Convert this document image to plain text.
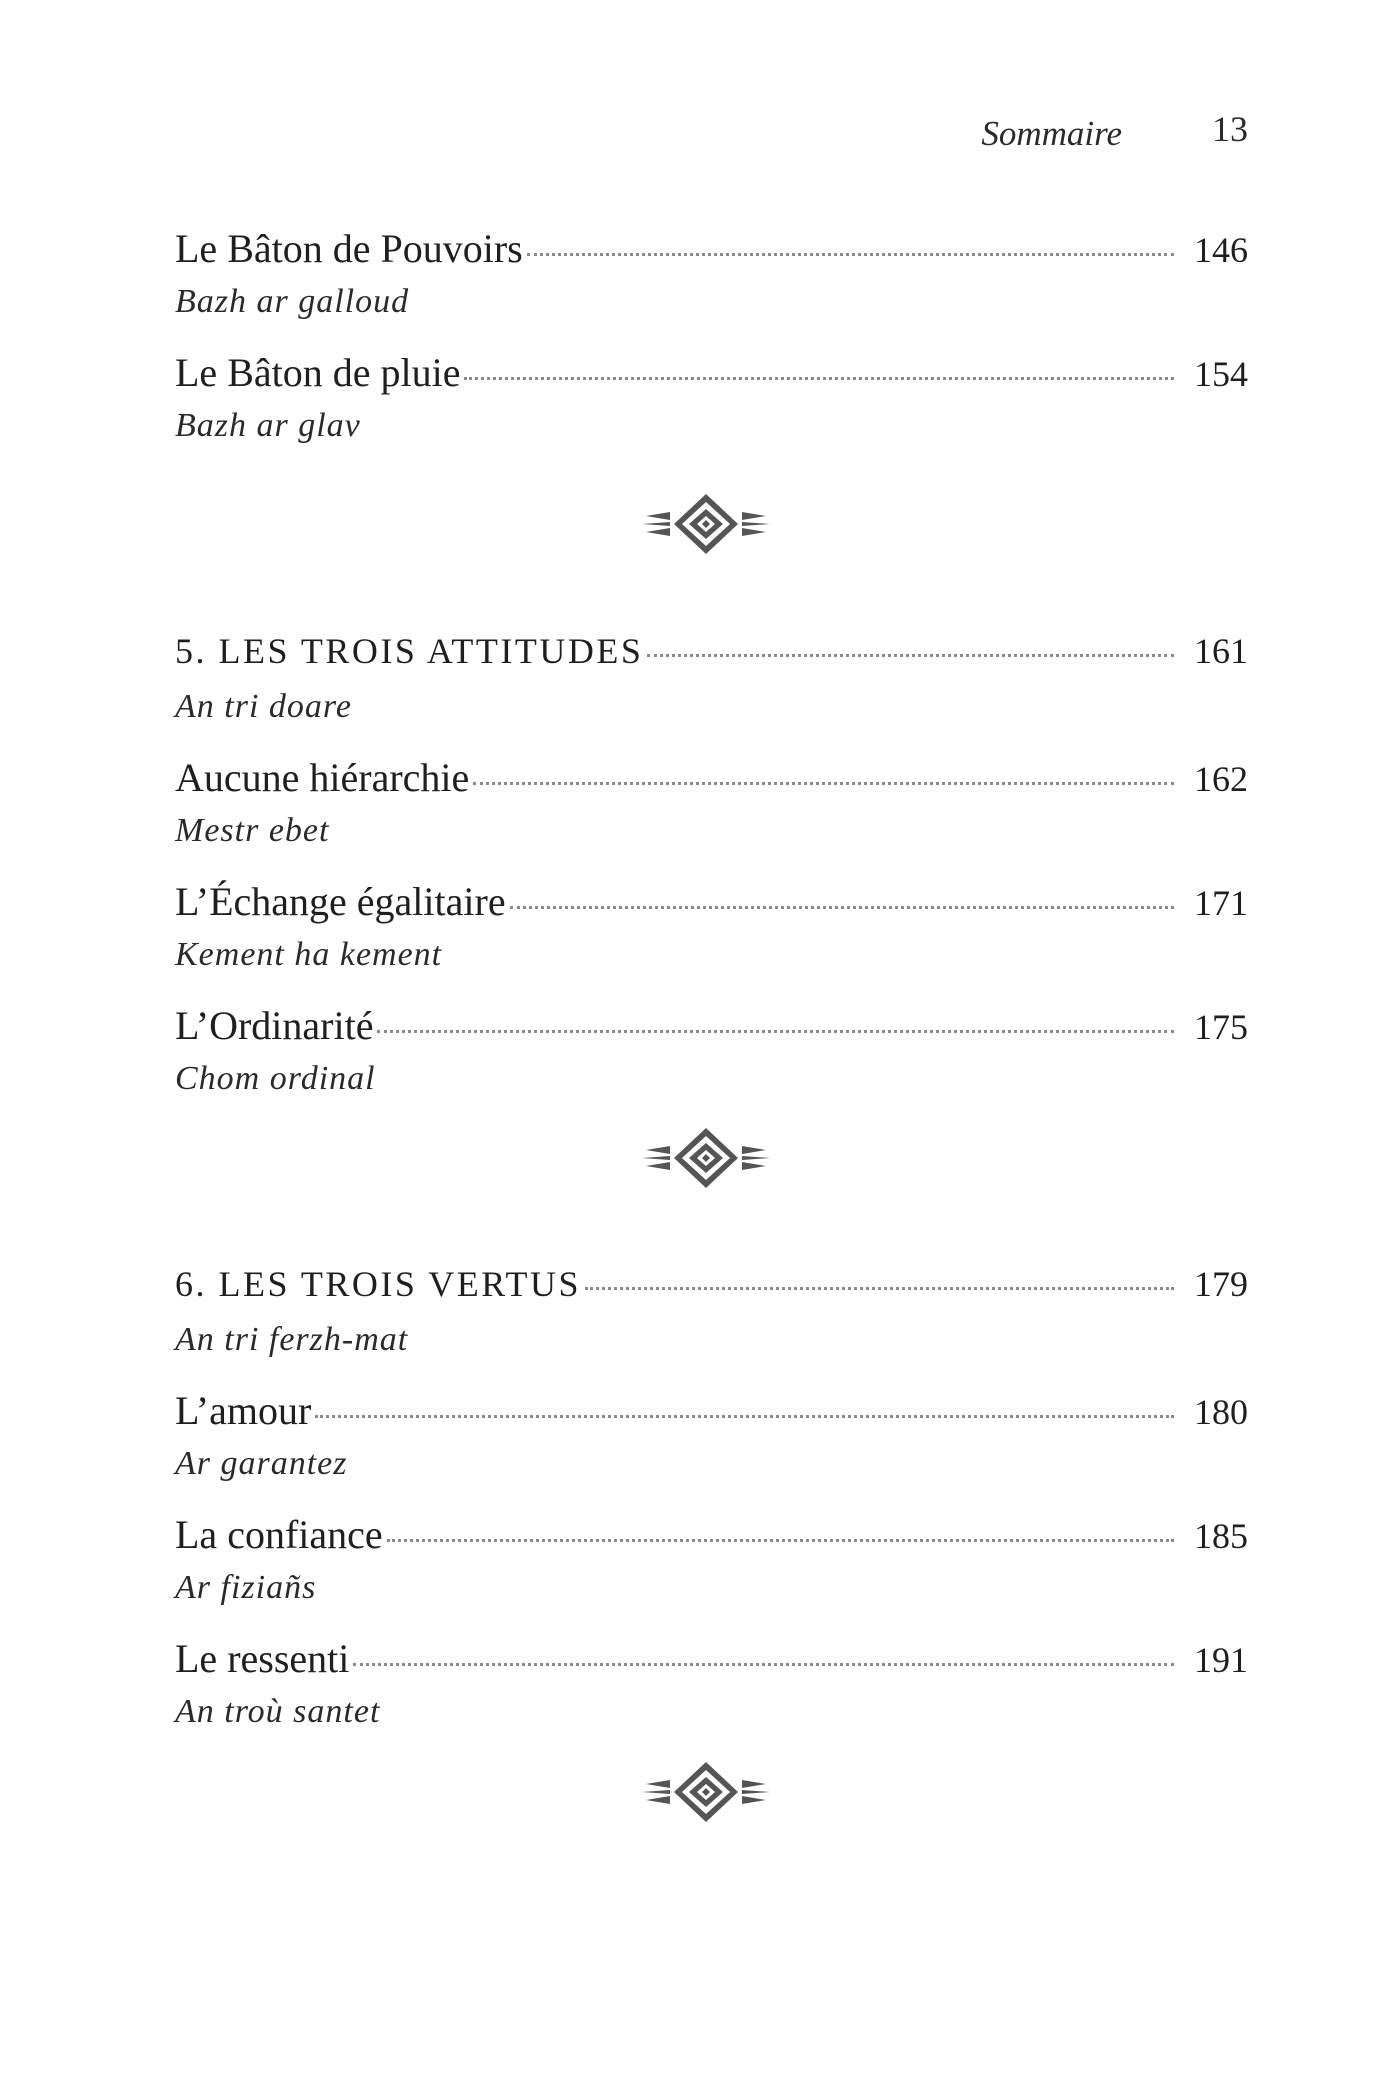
Sommaire	13
Le Bâton de Pouvoirs	146
Bazh ar galloud
Le Bâton de pluie	154
Bazh ar glav
5. LES TROIS ATTITUDES	161
An tri doare
Aucune hiérarchie	162
Mestr ebet
L’Échange égalitaire	171
Kement ha kement
L’Ordinarité	175
Chom ordinal
6. LES TROIS VERTUS	179
An tri ferzh-mat
L’amour	180
Ar garantez
La confiance	185
Ar fiziañs
Le ressenti	191
An troù santet
